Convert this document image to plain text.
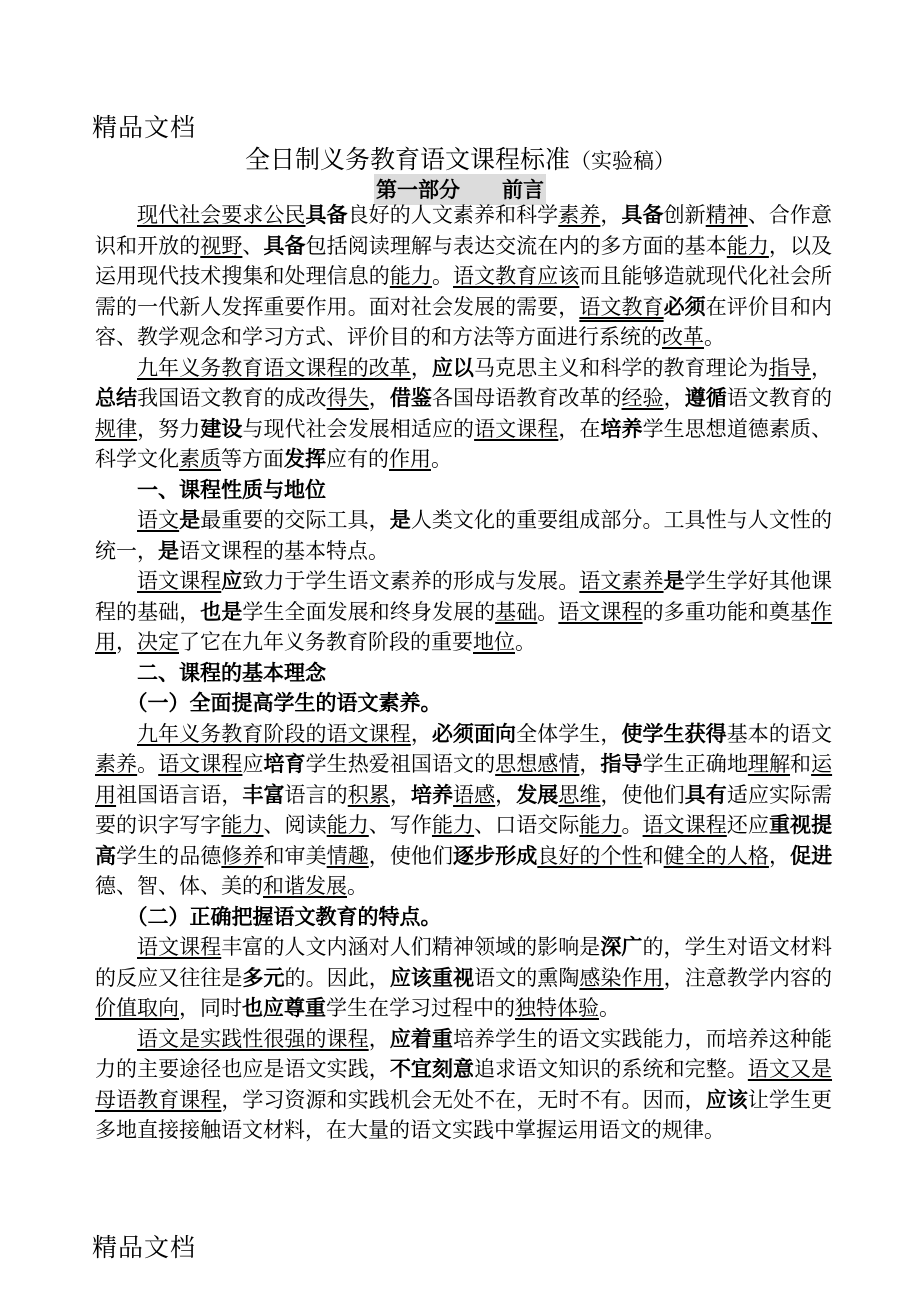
精品文档
全日制义务教育语文课程标准（实验稿）
第一部分　　前言

现代社会要求公民具备良好的人文素养和科学素养，具备创新精神、合作意识和开放的视野、具备包括阅读理解与表达交流在内的多方面的基本能力，以及运用现代技术搜集和处理信息的能力。语文教育应该而且能够造就现代化社会所需的一代新人发挥重要作用。面对社会发展的需要，语文教育必须在评价目和内容、教学观念和学习方式、评价目的和方法等方面进行系统的改革。

九年义务教育语文课程的改革，应以马克思主义和科学的教育理论为指导，总结我国语文教育的成改得失，借鉴各国母语教育改革的经验，遵循语文教育的规律，努力建设与现代社会发展相适应的语文课程，在培养学生思想道德素质、科学文化素质等方面发挥应有的作用。

一、课程性质与地位

语文是最重要的交际工具，是人类文化的重要组成部分。工具性与人文性的统一，是语文课程的基本特点。

语文课程应致力于学生语文素养的形成与发展。语文素养是学生学好其他课程的基础，也是学生全面发展和终身发展的基础。语文课程的多重功能和奠基作用，决定了它在九年义务教育阶段的重要地位。

二、课程的基本理念

（一）全面提高学生的语文素养。

九年义务教育阶段的语文课程，必须面向全体学生，使学生获得基本的语文素养。语文课程应培育学生热爱祖国语文的思想感情，指导学生正确地理解和运用祖国语言语，丰富语言的积累，培养语感，发展思维，使他们具有适应实际需要的识字写字能力、阅读能力、写作能力、口语交际能力。语文课程还应重视提高学生的品德修养和审美情趣，使他们逐步形成良好的个性和健全的人格，促进德、智、体、美的和谐发展。

（二）正确把握语文教育的特点。

语文课程丰富的人文内涵对人们精神领域的影响是深广的，学生对语文材料的反应又往往是多元的。因此，应该重视语文的熏陶感染作用，注意教学内容的价值取向，同时也应尊重学生在学习过程中的独特体验。

语文是实践性很强的课程，应着重培养学生的语文实践能力，而培养这种能力的主要途径也应是语文实践，不宜刻意追求语文知识的系统和完整。语文又是母语教育课程，学习资源和实践机会无处不在，无时不有。因而，应该让学生更多地直接接触语文材料，在大量的语文实践中掌握运用语文的规律。

精品文档
